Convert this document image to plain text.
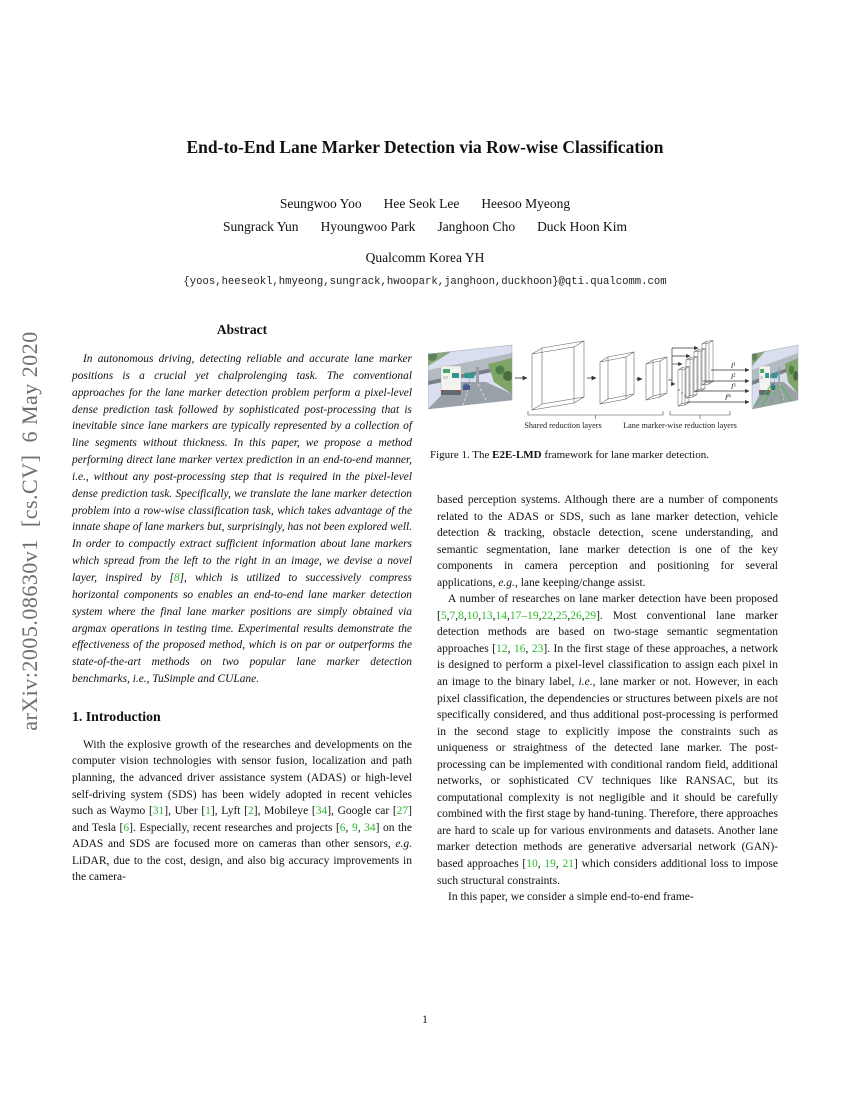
arXiv:2005.08630v1  [cs.CV]  6 May 2020
End-to-End Lane Marker Detection via Row-wise Classification
Seungwoo Yoo Hee Seok Lee Heesoo Myeong
Sungrack Yun Hyoungwoo Park Janghoon Cho Duck Hoon Kim
Qualcomm Korea YH
{yoos,heeseokl,hmyeong,sungrack,hwoopark,janghoon,duckhoon}@qti.qualcomm.com
Abstract

In autonomous driving, detecting reliable and accurate lane marker positions is a crucial yet chalprolenging task. The conventional approaches for the lane marker detection problem perform a pixel-level dense prediction task followed by sophisticated post-processing that is inevitable since lane markers are typically represented by a collection of line segments without thickness. In this paper, we propose a method performing direct lane marker vertex prediction in an end-to-end manner, i.e., without any post-processing step that is required in the pixel-level dense prediction task. Specifically, we translate the lane marker detection problem into a row-wise classification task, which takes advantage of the innate shape of lane markers but, surprisingly, has not been explored well. In order to compactly extract sufficient information about lane markers which spread from the left to the right in an image, we devise a novel layer, inspired by [8], which is utilized to successively compress horizontal components so enables an end-to-end lane marker detection system where the final lane marker positions are simply obtained via argmax operations in testing time. Experimental results demonstrate the effectiveness of the proposed method, which is on par or outperforms the state-of-the-art methods on two popular lane marker detection benchmarks, i.e., TuSimple and CULane.

1. Introduction

With the explosive growth of the researches and developments on the computer vision technologies with sensor fusion, localization and path planning, the advanced driver assistance system (ADAS) or high-level self-driving system (SDS) has been widely adopted in recent vehicles such as Waymo [31], Uber [1], Lyft [2], Mobileye [34], Google car [27] and Tesla [6]. Especially, recent researches and projects [6, 9, 34] on the ADAS and SDS are focused more on cameras than other sensors, e.g. LiDAR, due to the cost, design, and also big accuracy improvements in the camera-

$l^1$
$l^2$
$l^3$
$l^N$
Shared reduction layers	Lane marker-wise reduction layers
Figure 1. The E2E-LMD framework for lane marker detection.

based perception systems. Although there are a number of components related to the ADAS or SDS, such as lane marker detection, vehicle detection & tracking, obstacle detection, scene understanding, and semantic segmentation, lane marker detection is one of the key components in camera perception and positioning for several applications, e.g., lane keeping/change assist.

A number of researches on lane marker detection have been proposed [5,7,8,10,13,14,17–19,22,25,26,29]. Most conventional lane marker detection methods are based on two-stage semantic segmentation approaches [12, 16, 23]. In the first stage of these approaches, a network is designed to perform a pixel-level classification to assign each pixel in an image to the binary label, i.e., lane marker or not. However, in each pixel classification, the dependencies or structures between pixels are not specifically considered, and thus additional post-processing is performed in the second stage to explicitly impose the constraints such as uniqueness or straightness of the detected lane marker. The post-processing can be implemented with conditional random field, additional networks, or sophisticated CV techniques like RANSAC, but its computational complexity is not negligible and it should be carefully combined with the first stage by hand-tuning. Therefore, there approaches are hard to scale up for various environments and datasets. Another lane marker detection methods are generative adversarial network (GAN)-based approaches [10, 19, 21] which considers additional loss to impose such structural constraints.

In this paper, we consider a simple end-to-end frame-

1
